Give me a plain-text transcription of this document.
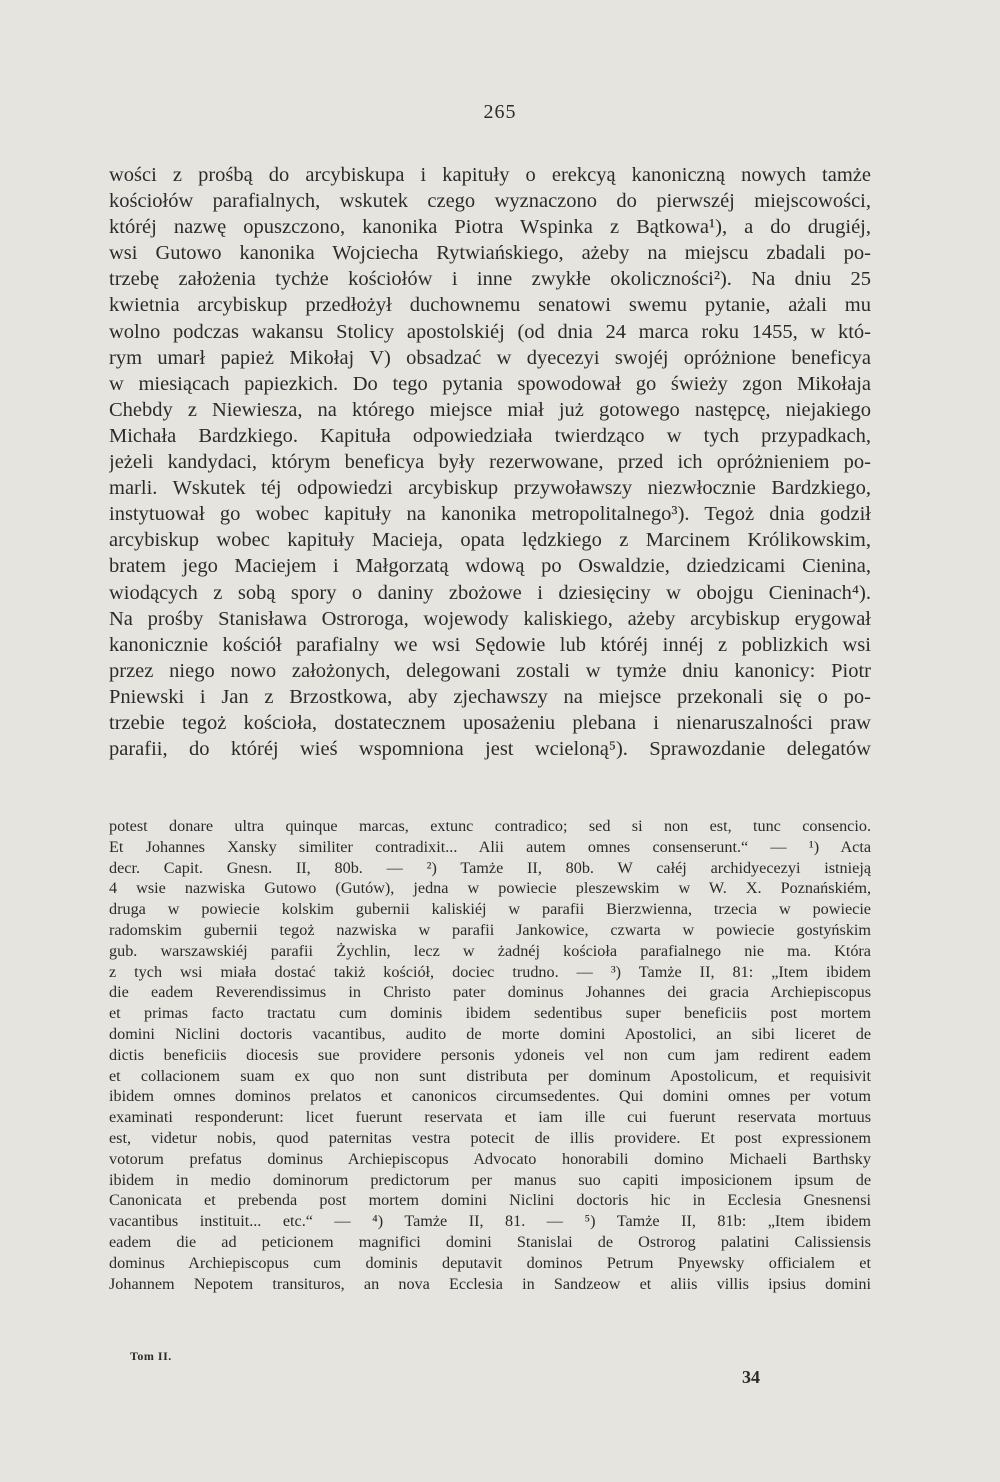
265
wości z prośbą do arcybiskupa i kapituły o erekcyą kanoniczną nowych tamże
kościołów parafialnych, wskutek czego wyznaczono do pierwszéj miejscowości,
któréj nazwę opuszczono, kanonika Piotra Wspinka z Bątkowa¹), a do drugiéj,
wsi Gutowo kanonika Wojciecha Rytwiańskiego, ażeby na miejscu zbadali po-
trzebę założenia tychże kościołów i inne zwykłe okoliczności²). Na dniu 25
kwietnia arcybiskup przedłożył duchownemu senatowi swemu pytanie, ażali mu
wolno podczas wakansu Stolicy apostolskiéj (od dnia 24 marca roku 1455, w któ-
rym umarł papież Mikołaj V) obsadzać w dyecezyi swojéj opróżnione beneficya
w miesiącach papiezkich. Do tego pytania spowodował go świeży zgon Mikołaja
Chebdy z Niewiesza, na którego miejsce miał już gotowego następcę, niejakiego
Michała Bardzkiego. Kapituła odpowiedziała twierdząco w tych przypadkach,
jeżeli kandydaci, którym beneficya były rezerwowane, przed ich opróżnieniem po-
marli. Wskutek téj odpowiedzi arcybiskup przywoławszy niezwłocznie Bardzkiego,
instytuował go wobec kapituły na kanonika metropolitalnego³). Tegoż dnia godził
arcybiskup wobec kapituły Macieja, opata lędzkiego z Marcinem Królikowskim,
bratem jego Maciejem i Małgorzatą wdową po Oswaldzie, dziedzicami Cienina,
wiodących z sobą spory o daniny zbożowe i dziesięciny w obojgu Cieninach⁴).
Na prośby Stanisława Ostroroga, wojewody kaliskiego, ażeby arcybiskup erygował
kanonicznie kościół parafialny we wsi Sędowie lub któréj innéj z poblizkich wsi
przez niego nowo założonych, delegowani zostali w tymże dniu kanonicy: Piotr
Pniewski i Jan z Brzostkowa, aby zjechawszy na miejsce przekonali się o po-
trzebie tegoż kościoła, dostatecznem uposażeniu plebana i nienaruszalności praw
parafii, do któréj wieś wspomniona jest wcieloną⁵). Sprawozdanie delegatów
potest donare ultra quinque marcas, extunc contradico; sed si non est, tunc consencio.
Et Johannes Xansky similiter contradixit... Alii autem omnes consenserunt.“ — ¹) Acta
decr. Capit. Gnesn. II, 80b. — ²) Tamże II, 80b. W całéj archidyecezyi istnieją
4 wsie nazwiska Gutowo (Gutów), jedna w powiecie pleszewskim w W. X. Poznańskiém,
druga w powiecie kolskim gubernii kaliskiéj w parafii Bierzwienna, trzecia w powiecie
radomskim gubernii tegoż nazwiska w parafii Jankowice, czwarta w powiecie gostyńskim
gub. warszawskiéj parafii Żychlin, lecz w żadnéj kościoła parafialnego nie ma. Która
z tych wsi miała dostać takiż kościół, dociec trudno. — ³) Tamże II, 81: „Item ibidem
die eadem Reverendissimus in Christo pater dominus Johannes dei gracia Archiepiscopus
et primas facto tractatu cum dominis ibidem sedentibus super beneficiis post mortem
domini Niclini doctoris vacantibus, audito de morte domini Apostolici, an sibi liceret de
dictis beneficiis diocesis sue providere personis ydoneis vel non cum jam redirent eadem
et collacionem suam ex quo non sunt distributa per dominum Apostolicum, et requisivit
ibidem omnes dominos prelatos et canonicos circumsedentes. Qui domini omnes per votum
examinati responderunt: licet fuerunt reservata et iam ille cui fuerunt reservata mortuus
est, videtur nobis, quod paternitas vestra potecit de illis providere. Et post expressionem
votorum prefatus dominus Archiepiscopus Advocato honorabili domino Michaeli Barthsky
ibidem in medio dominorum predictorum per manus suo capiti imposicionem ipsum de
Canonicata et prebenda post mortem domini Niclini doctoris hic in Ecclesia Gnesnensi
vacantibus instituit... etc.“ — ⁴) Tamże II, 81. — ⁵) Tamże II, 81b: „Item ibidem
eadem die ad peticionem magnifici domini Stanislai de Ostrorog palatini Calissiensis
dominus Archiepiscopus cum dominis deputavit dominos Petrum Pnyewsky officialem et
Johannem Nepotem transituros, an nova Ecclesia in Sandzeow et aliis villis ipsius domini
Tom II.
34
